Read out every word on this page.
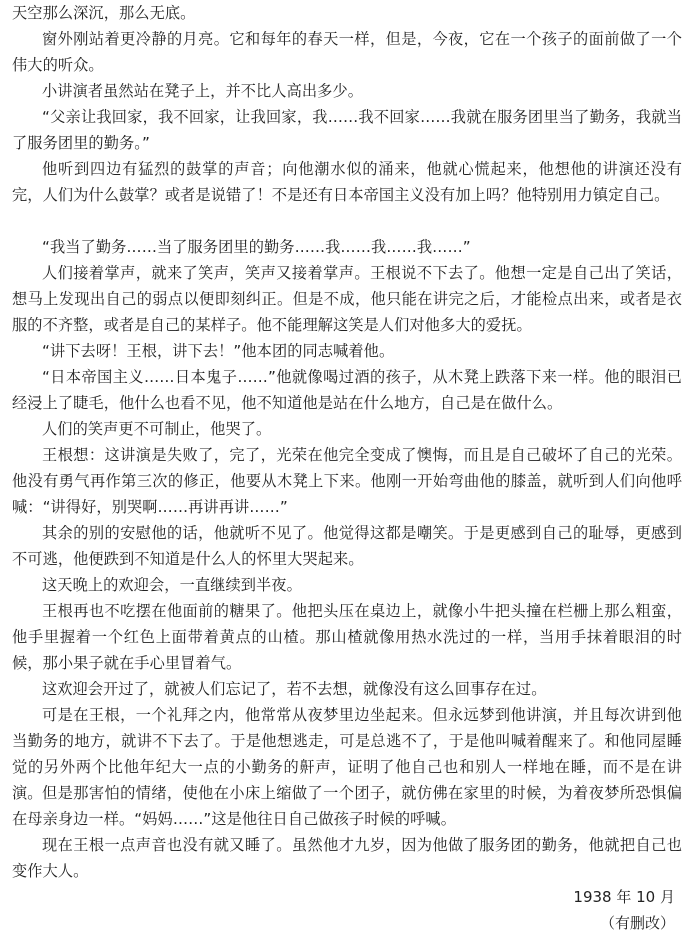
天空那么深沉，那么无底。

窗外刚站着更冷静的月亮。它和每年的春天一样，但是，今夜，它在一个孩子的面前做了一个伟大的听众。

小讲演者虽然站在凳子上，并不比人高出多少。

“父亲让我回家，我不回家，让我回家，我……我不回家……我就在服务团里当了勤务，我就当了服务团里的勤务。”

他听到四边有猛烈的鼓掌的声音；向他潮水似的涌来，他就心慌起来，他想他的讲演还没有完，人们为什么鼓掌？或者是说错了！不是还有日本帝国主义没有加上吗？他特别用力镇定自己。

“我当了勤务……当了服务团里的勤务……我……我……我……”

人们接着掌声，就来了笑声，笑声又接着掌声。王根说不下去了。他想一定是自己出了笑话，想马上发现出自己的弱点以便即刻纠正。但是不成，他只能在讲完之后，才能检点出来，或者是衣服的不齐整，或者是自己的某样子。他不能理解这笑是人们对他多大的爱抚。

“讲下去呀！王根，讲下去！”他本团的同志喊着他。

“日本帝国主义……日本鬼子……”他就像喝过酒的孩子，从木凳上跌落下来一样。他的眼泪已经浸上了睫毛，他什么也看不见，他不知道他是站在什么地方，自己是在做什么。

人们的笑声更不可制止，他哭了。

王根想：这讲演是失败了，完了，光荣在他完全变成了懊悔，而且是自己破坏了自己的光荣。他没有勇气再作第三次的修正，他要从木凳上下来。他刚一开始弯曲他的膝盖，就听到人们向他呼喊：“讲得好，别哭啊……再讲再讲……”

其余的别的安慰他的话，他就听不见了。他觉得这都是嘲笑。于是更感到自己的耻辱，更感到不可逃，他便跌到不知道是什么人的怀里大哭起来。

这天晚上的欢迎会，一直继续到半夜。

王根再也不吃摆在他面前的糖果了。他把头压在桌边上，就像小牛把头撞在栏栅上那么粗蛮，他手里握着一个红色上面带着黄点的山楂。那山楂就像用热水洗过的一样，当用手抹着眼泪的时候，那小果子就在手心里冒着气。

这欢迎会开过了，就被人们忘记了，若不去想，就像没有这么回事存在过。

可是在王根，一个礼拜之内，他常常从夜梦里边坐起来。但永远梦到他讲演，并且每次讲到他当勤务的地方，就讲不下去了。于是他想逃走，可是总逃不了，于是他叫喊着醒来了。和他同屋睡觉的另外两个比他年纪大一点的小勤务的鼾声，证明了他自己也和别人一样地在睡，而不是在讲演。 但是那害怕的情绪，使他在小床上缩做了一个团子，就仿佛在家里的时候，为着夜梦所恐惧偏在母亲身边一样。“妈妈……”这是他往日自己做孩子时候的呼喊。

现在王根一点声音也没有就又睡了。虽然他才九岁，因为他做了服务团的勤务，他就把自己也变作大人。

1938 年 10 月

（有删改）
